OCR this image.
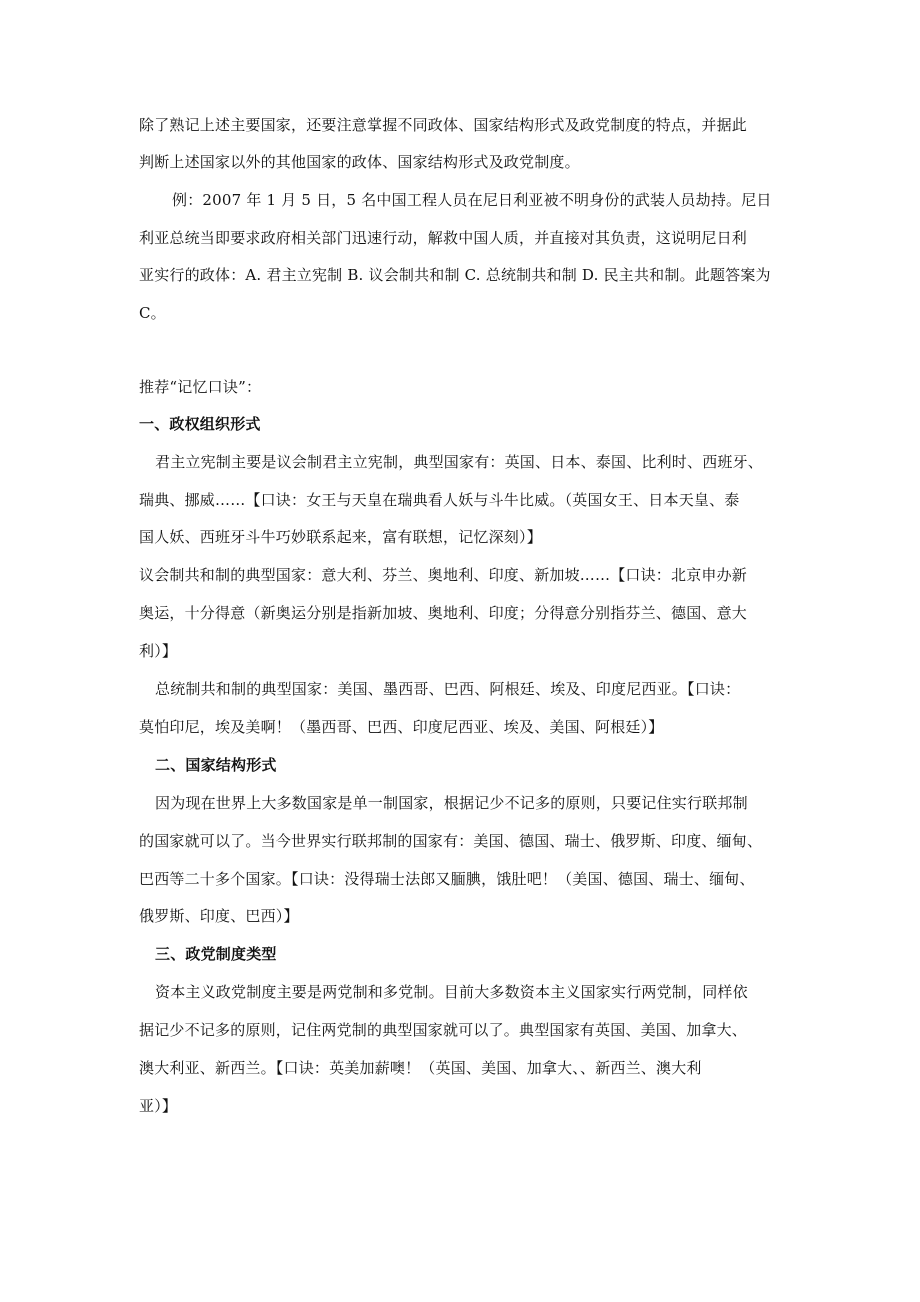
除了熟记上述主要国家，还要注意掌握不同政体、国家结构形式及政党制度的特点，并据此
判断上述国家以外的其他国家的政体、国家结构形式及政党制度。
例：2007 年 1 月 5 日，5 名中国工程人员在尼日利亚被不明身份的武装人员劫持。尼日
利亚总统当即要求政府相关部门迅速行动，解救中国人质，并直接对其负责，这说明尼日利
亚实行的政体：A. 君主立宪制 B. 议会制共和制 C. 总统制共和制 D. 民主共和制。此题答案为
C。
推荐“记忆口诀”：
一、政权组织形式
君主立宪制主要是议会制君主立宪制，典型国家有：英国、日本、泰国、比利时、西班牙、
瑞典、挪威……【口诀：女王与天皇在瑞典看人妖与斗牛比威。（英国女王、日本天皇、泰
国人妖、西班牙斗牛巧妙联系起来，富有联想，记忆深刻）】
议会制共和制的典型国家：意大利、芬兰、奥地利、印度、新加坡……【口诀：北京申办新
奥运，十分得意（新奥运分别是指新加坡、奥地利、印度；分得意分别指芬兰、德国、意大
利）】
总统制共和制的典型国家：美国、墨西哥、巴西、阿根廷、埃及、印度尼西亚。【口诀：
莫怕印尼，埃及美啊！（墨西哥、巴西、印度尼西亚、埃及、美国、阿根廷）】
二、国家结构形式
因为现在世界上大多数国家是单一制国家，根据记少不记多的原则，只要记住实行联邦制
的国家就可以了。当今世界实行联邦制的国家有：美国、德国、瑞士、俄罗斯、印度、缅甸、
巴西等二十多个国家。【口诀：没得瑞士法郎又腼腆，饿肚吧！（美国、德国、瑞士、缅甸、
俄罗斯、印度、巴西）】
三、政党制度类型
资本主义政党制度主要是两党制和多党制。目前大多数资本主义国家实行两党制，同样依
据记少不记多的原则，记住两党制的典型国家就可以了。典型国家有英国、美国、加拿大、
澳大利亚、新西兰。【口诀：英美加薪噢！（英国、美国、加拿大、、新西兰、澳大利
亚）】
